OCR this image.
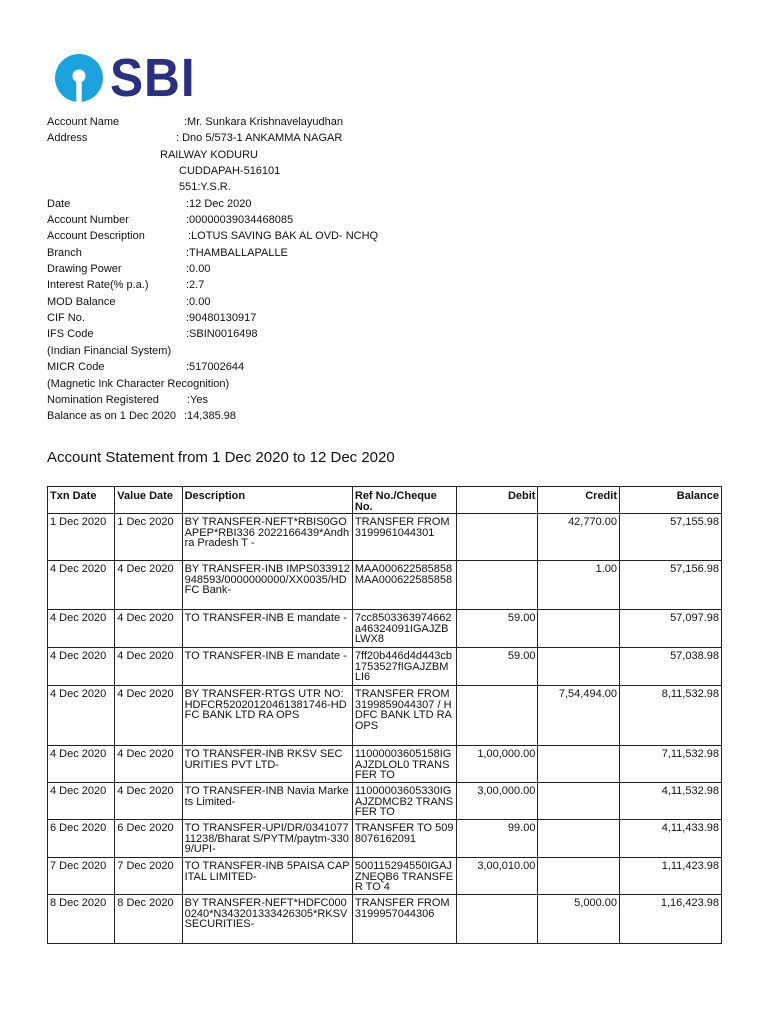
SBI
Account Name	:Mr. Sunkara Krishnavelayudhan
Address	: Dno 5/573-1 ANKAMMA NAGAR
RAILWAY KODURU
CUDDAPAH-516101
551:Y.S.R.
Date	:12 Dec 2020
Account Number	:00000039034468085
Account Description	:LOTUS SAVING BAK AL OVD- NCHQ
Branch	:THAMBALLAPALLE
Drawing Power	:0.00
Interest Rate(% p.a.)	:2.7
MOD Balance	:0.00
CIF No.	:90480130917
IFS Code	:SBIN0016498
(Indian Financial System)
MICR Code	:517002644
(Magnetic Ink Character Recognition)
Nomination Registered	:Yes
Balance as on 1 Dec 2020 :14,385.98
Account Statement from 1 Dec 2020 to 12 Dec 2020
Txn Date	Value Date	Description	Ref No./Cheque No.	Debit	Credit	Balance
1 Dec 2020	1 Dec 2020	BY TRANSFER-NEFT*RBIS0GOAPEP*RBI336 2022166439*Andhra Pradesh T -	TRANSFER FROM 3199961044301		42,770.00	57,155.98
4 Dec 2020	4 Dec 2020	BY TRANSFER-INB IMPS033912948593/0000000000/XX0035/HDFC Bank-	MAA000622585858 MAA000622585858		1.00	57,156.98
4 Dec 2020	4 Dec 2020	TO TRANSFER-INB E mandate -	7cc8503363974662a46324091IGAJZBLWX8	59.00		57,097.98
4 Dec 2020	4 Dec 2020	TO TRANSFER-INB E mandate -	7ff20b446d4d443cb1753527fIGAJZBMLI6	59.00		57,038.98
4 Dec 2020	4 Dec 2020	BY TRANSFER-RTGS UTR NO: HDFCR52020120461381746-HDFC BANK LTD RA OPS	TRANSFER FROM 3199859044307 / HDFC BANK LTD RA OPS		7,54,494.00	8,11,532.98
4 Dec 2020	4 Dec 2020	TO TRANSFER-INB RKSV SECURITIES PVT LTD-	11000003605158IGAJZDLOL0 TRANSFER TO	1,00,000.00		7,11,532.98
4 Dec 2020	4 Dec 2020	TO TRANSFER-INB Navia Markets Limited-	11000003605330IGAJZDMCB2 TRANSFER TO	3,00,000.00		4,11,532.98
6 Dec 2020	6 Dec 2020	TO TRANSFER-UPI/DR/034107711238/Bharat S/PYTM/paytm-3309/UPI-	TRANSFER TO 5098076162091	99.00		4,11,433.98
7 Dec 2020	7 Dec 2020	TO TRANSFER-INB 5PAISA CAPITAL LIMITED-	500115294550IGAJZNEQB6 TRANSFER TO 4	3,00,010.00		1,11,423.98
8 Dec 2020	8 Dec 2020	BY TRANSFER-NEFT*HDFC0000240*N343201333426305*RKSV SECURITIES-	TRANSFER FROM 3199957044306		5,000.00	1,16,423.98
